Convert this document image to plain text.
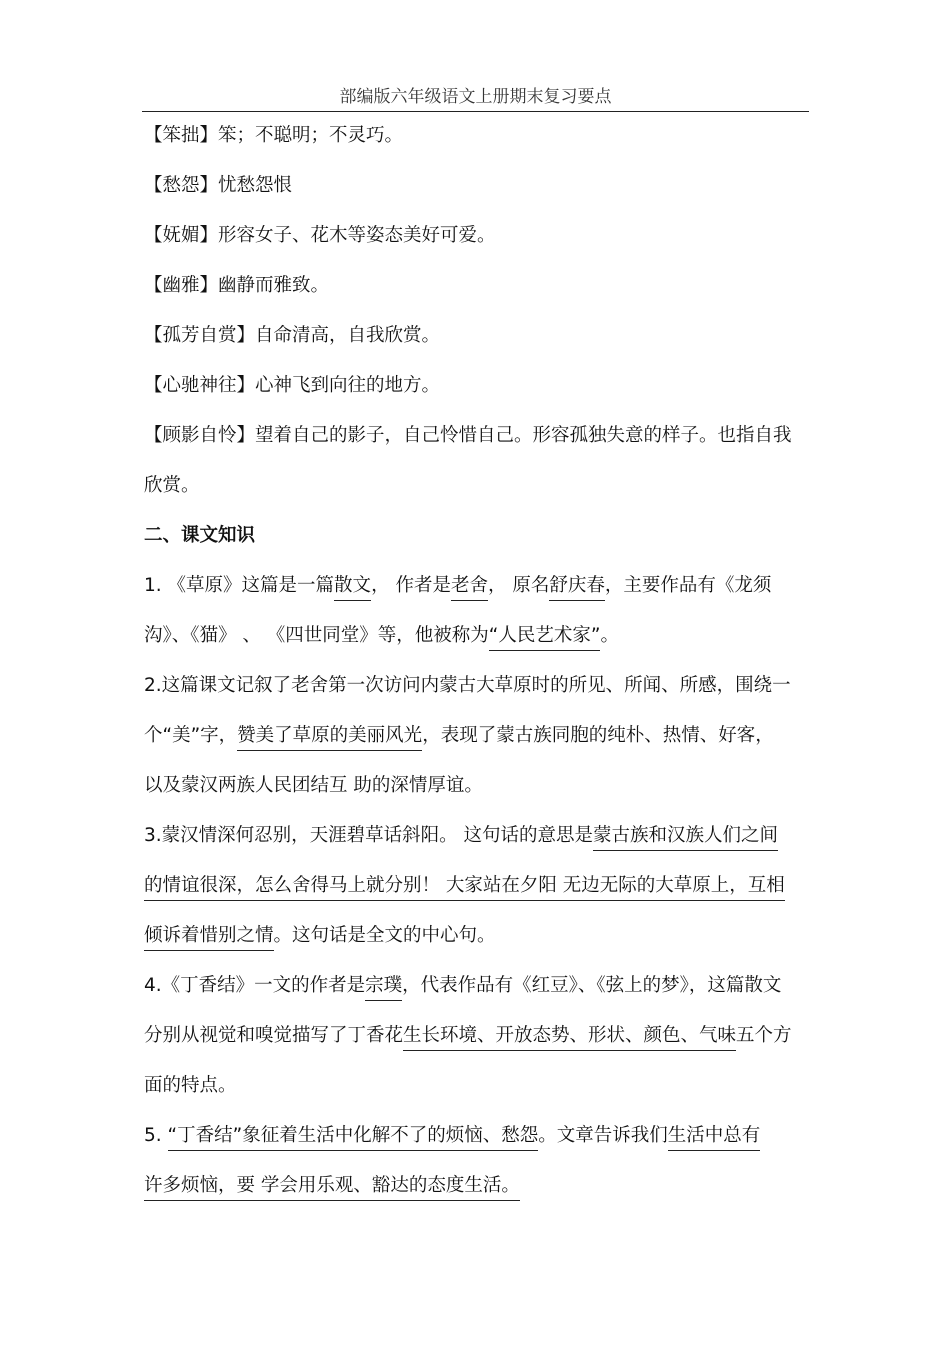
部编版六年级语文上册期末复习要点
【笨拙】笨；不聪明；不灵巧。
【愁怨】忧愁怨恨
【妩媚】形容女子、花木等姿态美好可爱。
【幽雅】幽静而雅致。
【孤芳自赏】自命清高，自我欣赏。
【心驰神往】心神飞到向往的地方。
【顾影自怜】望着自己的影子，自己怜惜自己。形容孤独失意的样子。也指自我
欣赏。
二、课文知识
1. 《草原》这篇是一篇散文， 作者是老舍， 原名舒庆春，主要作品有《龙须
沟》、《猫》 、 《四世同堂》等，他被称为“人民艺术家”。
2.这篇课文记叙了老舍第一次访问内蒙古大草原时的所见、所闻、所感，围绕一
个“美”字，赞美了草原的美丽风光，表现了蒙古族同胞的纯朴、热情、好客，
以及蒙汉两族人民团结互 助的深情厚谊。
3.蒙汉情深何忍别，天涯碧草话斜阳。 这句话的意思是蒙古族和汉族人们之间
的情谊很深，怎么舍得马上就分别！ 大家站在夕阳 无边无际的大草原上，互相
倾诉着惜别之情。这句话是全文的中心句。
4.《丁香结》一文的作者是宗璞，代表作品有《红豆》、《弦上的梦》，这篇散文
分别从视觉和嗅觉描写了丁香花生长环境、开放态势、形状、颜色、气味五个方
面的特点。
5. “丁香结”象征着生活中化解不了的烦恼、愁怨。文章告诉我们生活中总有
许多烦恼，要 学会用乐观、豁达的态度生活。
